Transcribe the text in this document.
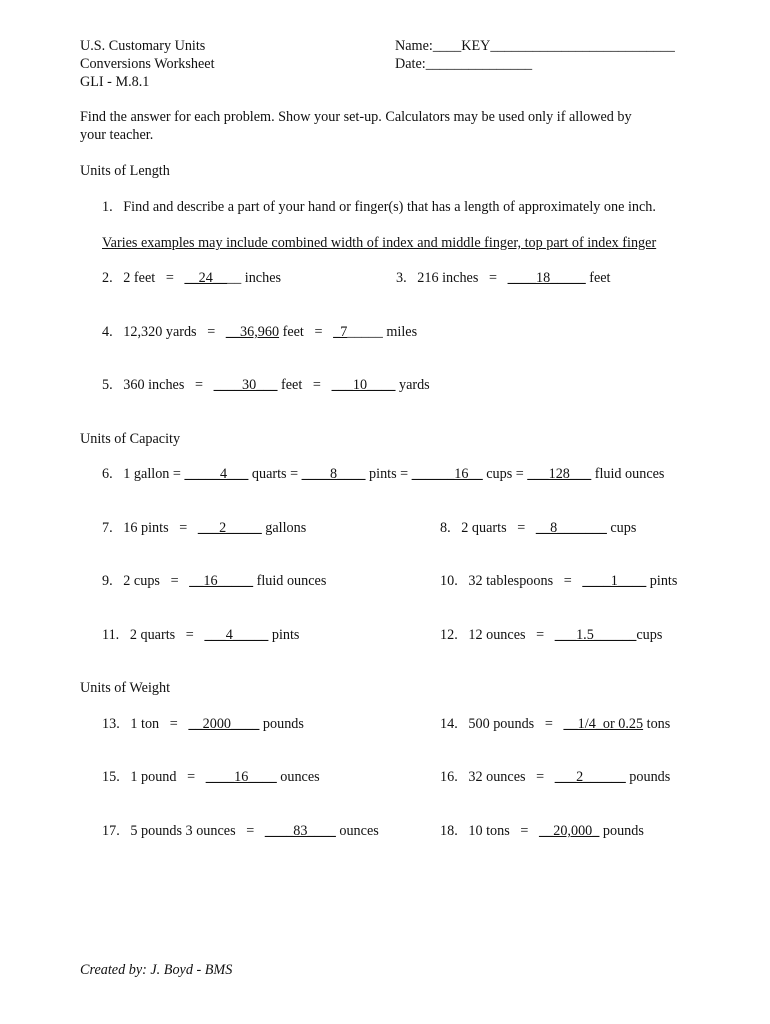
U.S. Customary Units
Conversions Worksheet
GLI - M.8.1
Name:____KEY__________________________
Date:_______________
Find the answer for each problem. Show your set-up. Calculators may be used only if allowed by
your teacher.
Units of Length
1.   Find and describe a part of your hand or finger(s) that has a length of approximately one inch.
Varies examples may include combined width of index and middle finger, top part of index finger
2.   2 feet   =   __24____ inches	3.   216 inches   =   ____18_____ feet
4.   12,320 yards   =   __36,960 feet   =   _7_____ miles
5.   360 inches   =   ____30___ feet   =   ___10____ yards
Units of Capacity
6.   1 gallon = _____4___ quarts = ____8____ pints = ______16__ cups = ___128___ fluid ounces
7.   16 pints   =   ___2_____ gallons	8.   2 quarts   =   __8_______ cups
9.   2 cups   =   __16_____ fluid ounces	10.   32 tablespoons   =   ____1____ pints
11.   2 quarts   =   ___4_____ pints	12.   12 ounces   =   ___1.5______cups
Units of Weight
13.   1 ton   =   __2000____ pounds	14.   500 pounds   =   __1/4_or 0.25 tons
15.   1 pound   =   ____16____ ounces	16.   32 ounces   =   ___2______ pounds
17.   5 pounds 3 ounces   =   ____83____ ounces	18.   10 tons   =   __20,000_ pounds
Created by: J. Boyd - BMS
